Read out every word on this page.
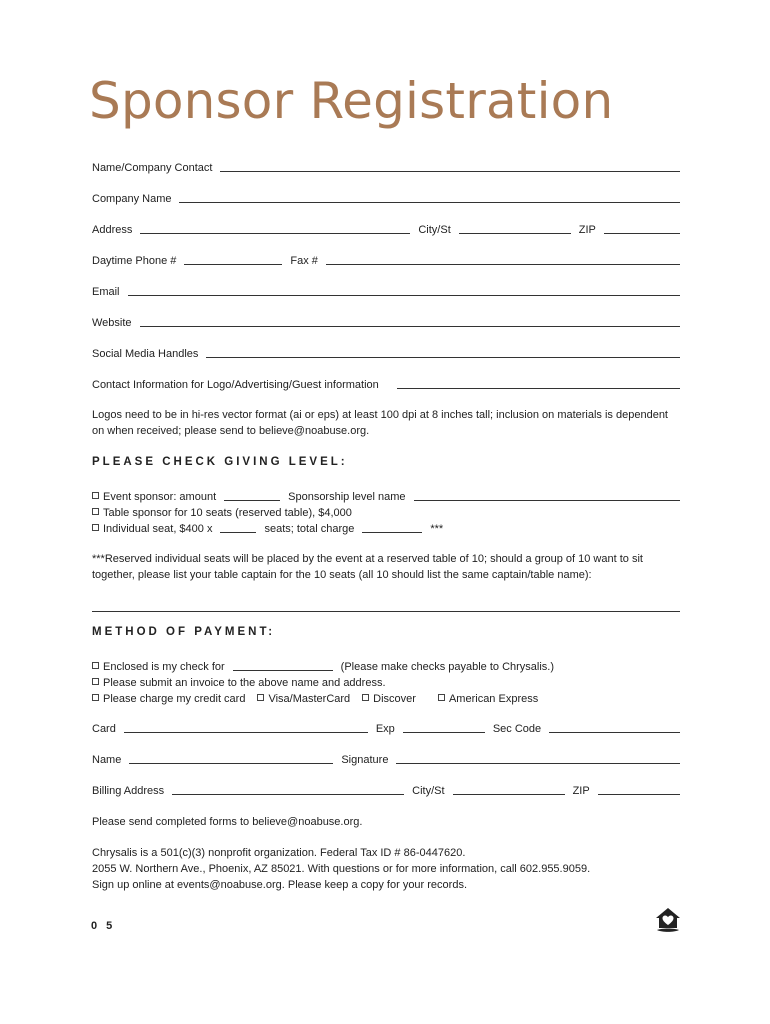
Sponsor Registration
Name/Company Contact
Company Name
Address	City/St	ZIP
Daytime Phone #	Fax #
Email
Website
Social Media Handles
Contact Information for Logo/Advertising/Guest information
Logos need to be in hi-res vector format (ai or eps) at least 100 dpi at 8 inches tall; inclusion on materials is dependent on when received; please send to believe@noabuse.org.
PLEASE CHECK GIVING LEVEL:
Event sponsor: amount	Sponsorship level name
Table sponsor for 10 seats (reserved table), $4,000
Individual seat, $400 x	seats; total charge	***
***Reserved individual seats will be placed by the event at a reserved table of 10; should a group of 10 want to sit together, please list your table captain for the 10 seats (all 10 should list the same captain/table name):
METHOD OF PAYMENT:
Enclosed is my check for	(Please make checks payable to Chrysalis.)
Please submit an invoice to the above name and address.
Please charge my credit card	Visa/MasterCard	Discover	American Express
Card	Exp	Sec Code
Name	Signature
Billing Address	City/St	ZIP
Please send completed forms to believe@noabuse.org.
Chrysalis is a 501(c)(3) nonprofit organization. Federal Tax ID # 86-0447620.
2055 W. Northern Ave., Phoenix, AZ 85021. With questions or for more information, call 602.955.9059.
Sign up online at events@noabuse.org. Please keep a copy for your records.
0 5
